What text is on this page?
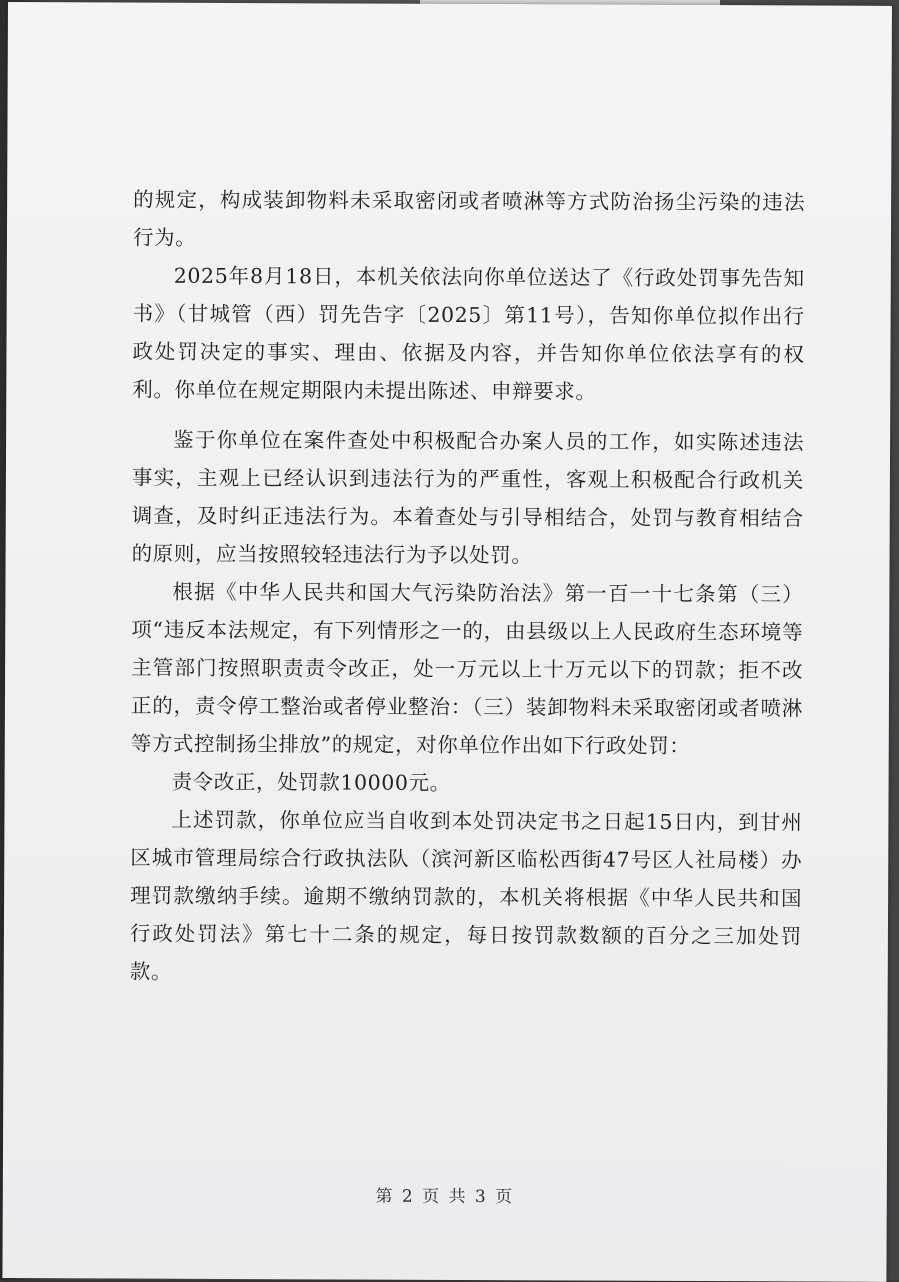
的规定，构成装卸物料未采取密闭或者喷淋等方式防治扬尘污染的违法行为。

2025年8月18日，本机关依法向你单位送达了《行政处罚事先告知书》（甘城管（西）罚先告字〔2025〕第11号），告知你单位拟作出行政处罚决定的事实、理由、依据及内容，并告知你单位依法享有的权利。你单位在规定期限内未提出陈述、申辩要求。

鉴于你单位在案件查处中积极配合办案人员的工作，如实陈述违法事实，主观上已经认识到违法行为的严重性，客观上积极配合行政机关调查，及时纠正违法行为。本着查处与引导相结合，处罚与教育相结合的原则，应当按照较轻违法行为予以处罚。

根据《中华人民共和国大气污染防治法》第一百一十七条第（三）项“违反本法规定，有下列情形之一的，由县级以上人民政府生态环境等主管部门按照职责责令改正，处一万元以上十万元以下的罚款；拒不改正的，责令停工整治或者停业整治：（三）装卸物料未采取密闭或者喷淋等方式控制扬尘排放”的规定，对你单位作出如下行政处罚：

责令改正，处罚款10000元。

上述罚款，你单位应当自收到本处罚决定书之日起15日内，到甘州区城市管理局综合行政执法队（滨河新区临松西街47号区人社局楼）办理罚款缴纳手续。逾期不缴纳罚款的，本机关将根据《中华人民共和国行政处罚法》第七十二条的规定，每日按罚款数额的百分之三加处罚款。

第 2 页 共 3 页
